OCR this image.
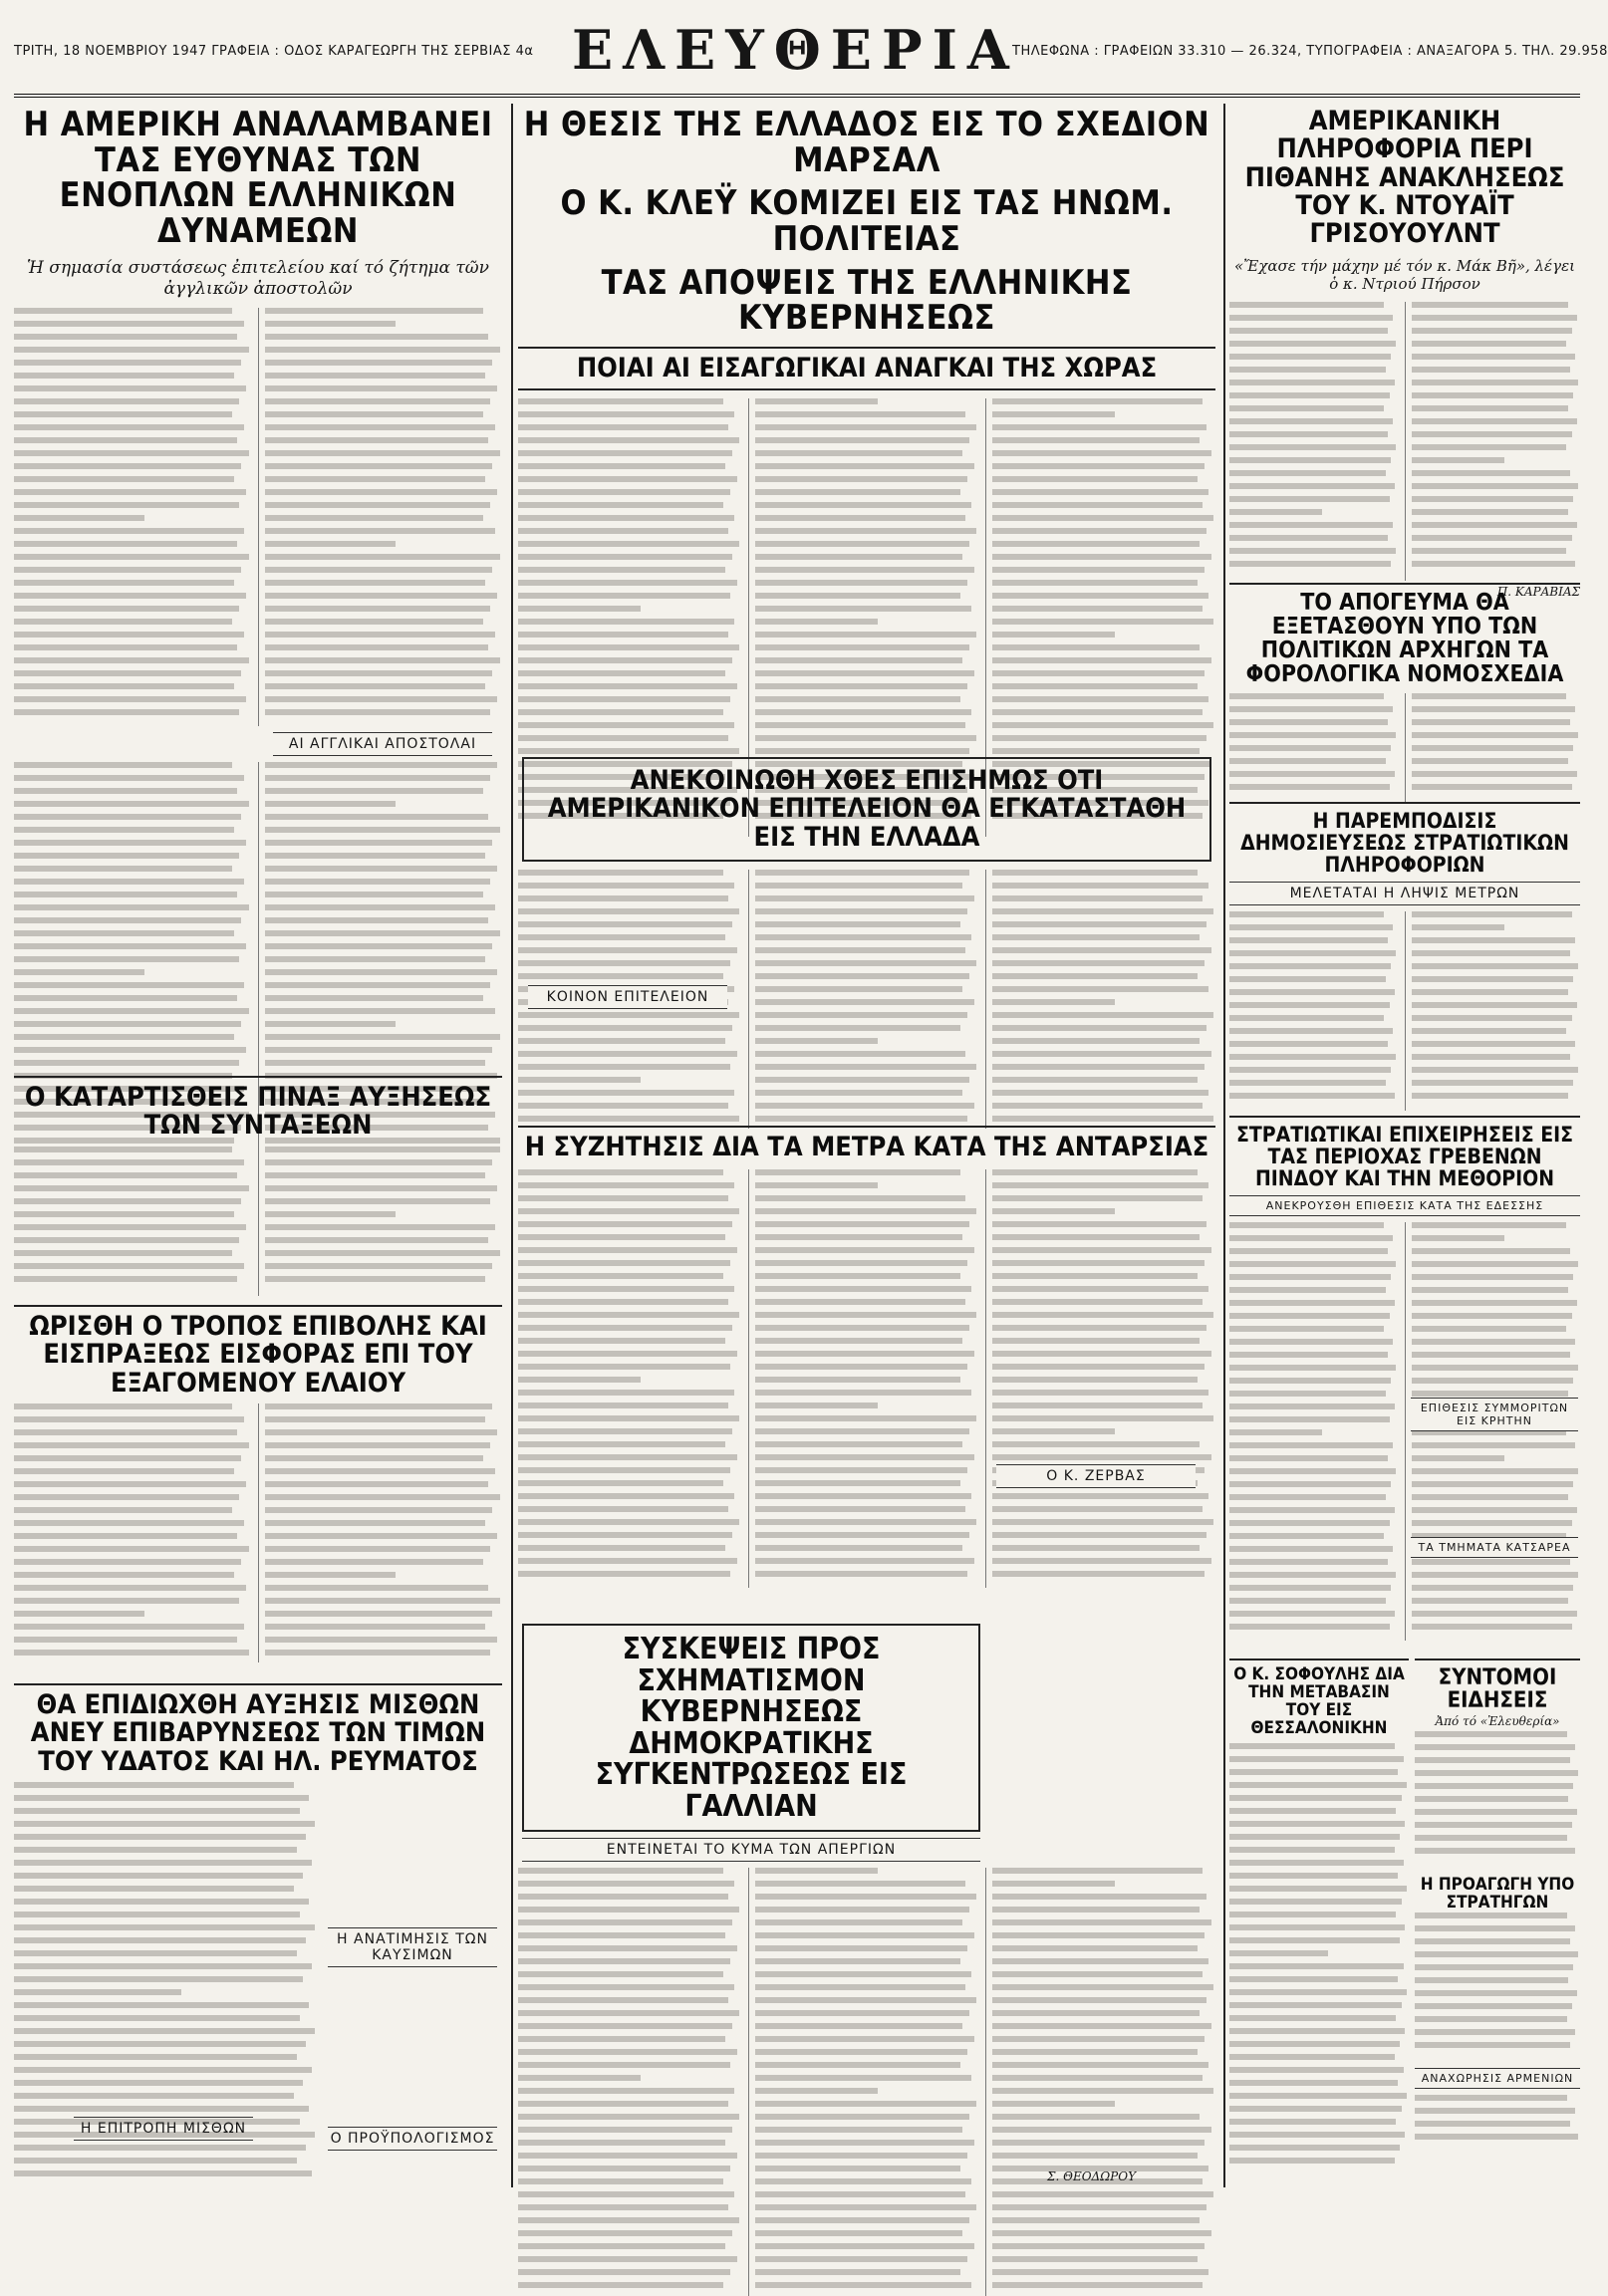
ΤΡΙΤΗ, 18 ΝΟΕΜΒΡΙΟΥ 1947 ΓΡΑΦΕΙΑ : ΟΔΟΣ ΚΑΡΑΓΕΩΡΓΗ ΤΗΣ ΣΕΡΒΙΑΣ 4α ΕΛΕΥΘΕΡΙΑ
ΤΗΛΕΦΩΝΑ : ΓΡΑΦΕΙΩΝ 33.310 — 26.324, ΤΥΠΟΓΡΑΦΕΙΑ : ΑΝΑΞΑΓΟΡΑ 5. ΤΗΛ. 29.958
Η ΑΜΕΡΙΚΗ ΑΝΑΛΑΜΒΑΝΕΙ ΤΑΣ ΕΥΘΥΝΑΣ ΤΩΝ ΕΝΟΠΛΩΝ ΕΛΛΗΝΙΚΩΝ ΔΥΝΑΜΕΩΝ
Ἡ σημασία συστάσεως ἐπιτελείου καί τό ζήτημα τῶν ἀγγλικῶν ἀποστολῶν
ΑΙ ΑΓΓΛΙΚΑΙ ΑΠΟΣΤΟΛΑΙ
Ο ΚΑΤΑΡΤΙΣΘΕΙΣ ΠΙΝΑΞ ΑΥΞΗΣΕΩΣ ΤΩΝ ΣΥΝΤΑΞΕΩΝ
ΩΡΙΣΘΗ Ο ΤΡΟΠΟΣ ΕΠΙΒΟΛΗΣ ΚΑΙ ΕΙΣΠΡΑΞΕΩΣ ΕΙΣΦΟΡΑΣ ΕΠΙ ΤΟΥ ΕΞΑΓΟΜΕΝΟΥ ΕΛΑΙΟΥ
ΘΑ ΕΠΙΔΙΩΧΘΗ ΑΥΞΗΣΙΣ ΜΙΣΘΩΝ ΑΝΕΥ ΕΠΙΒΑΡΥΝΣΕΩΣ ΤΩΝ ΤΙΜΩΝ ΤΟΥ ΥΔΑΤΟΣ ΚΑΙ ΗΛ. ΡΕΥΜΑΤΟΣ
Η ΕΠΙΤΡΟΠΗ ΜΙΣΘΩΝ
Η ΑΝΑΤΙΜΗΣΙΣ ΤΩΝ ΚΑΥΣΙΜΩΝ
Ο ΠΡΟΫΠΟΛΟΓΙΣΜΟΣ
Η ΘΕΣΙΣ ΤΗΣ ΕΛΛΑΔΟΣ ΕΙΣ ΤΟ ΣΧΕΔΙΟΝ ΜΑΡΣΑΛ
Ο Κ. ΚΛΕΫ ΚΟΜΙΖΕΙ ΕΙΣ ΤΑΣ ΗΝΩΜ. ΠΟΛΙΤΕΙΑΣ
ΤΑΣ ΑΠΟΨΕΙΣ ΤΗΣ ΕΛΛΗΝΙΚΗΣ ΚΥΒΕΡΝΗΣΕΩΣ
ΠΟΙΑΙ ΑΙ ΕΙΣΑΓΩΓΙΚΑΙ ΑΝΑΓΚΑΙ ΤΗΣ ΧΩΡΑΣ
ΑΝΕΚΟΙΝΩΘΗ ΧΘΕΣ ΕΠΙΣΗΜΩΣ ΟΤΙ ΑΜΕΡΙΚΑΝΙΚΟΝ ΕΠΙΤΕΛΕΙΟΝ ΘΑ ΕΓΚΑΤΑΣΤΑΘΗ ΕΙΣ ΤΗΝ ΕΛΛΑΔΑ
ΚΟΙΝΟΝ ΕΠΙΤΕΛΕΙΟΝ
Η ΣΥΖΗΤΗΣΙΣ ΔΙΑ ΤΑ ΜΕΤΡΑ ΚΑΤΑ ΤΗΣ ΑΝΤΑΡΣΙΑΣ
Ο Κ. ΖΕΡΒΑΣ
ΣΥΣΚΕΨΕΙΣ ΠΡΟΣ ΣΧΗΜΑΤΙΣΜΟΝ ΚΥΒΕΡΝΗΣΕΩΣ ΔΗΜΟΚΡΑΤΙΚΗΣ ΣΥΓΚΕΝΤΡΩΣΕΩΣ ΕΙΣ ΓΑΛΛΙΑΝ
ΕΝΤΕΙΝΕΤΑΙ ΤΟ ΚΥΜΑ ΤΩΝ ΑΠΕΡΓΙΩΝ
Σ. ΘΕΟΔΩΡΟΥ
ΑΜΕΡΙΚΑΝΙΚΗ ΠΛΗΡΟΦΟΡΙΑ ΠΕΡΙ ΠΙΘΑΝΗΣ ΑΝΑΚΛΗΣΕΩΣ ΤΟΥ Κ. ΝΤΟΥΑΪΤ ΓΡΙΣΟΥΟΥΛΝΤ
«Ἔχασε τήν μάχην μέ τόν κ. Μάκ Βῆ», λέγει ὁ κ. Ντριού Πήρσον
Π. ΚΑΡΑΒΙΑΣ
ΤΟ ΑΠΟΓΕΥΜΑ ΘΑ ΕΞΕΤΑΣΘΟΥΝ ΥΠΟ ΤΩΝ ΠΟΛΙΤΙΚΩΝ ΑΡΧΗΓΩΝ ΤΑ ΦΟΡΟΛΟΓΙΚΑ ΝΟΜΟΣΧΕΔΙΑ
Η ΠΑΡΕΜΠΟΔΙΣΙΣ ΔΗΜΟΣΙΕΥΣΕΩΣ ΣΤΡΑΤΙΩΤΙΚΩΝ ΠΛΗΡΟΦΟΡΙΩΝ
ΜΕΛΕΤΑΤΑΙ Η ΛΗΨΙΣ ΜΕΤΡΩΝ
ΣΤΡΑΤΙΩΤΙΚΑΙ ΕΠΙΧΕΙΡΗΣΕΙΣ ΕΙΣ ΤΑΣ ΠΕΡΙΟΧΑΣ ΓΡΕΒΕΝΩΝ ΠΙΝΔΟΥ ΚΑΙ ΤΗΝ ΜΕΘΟΡΙΟΝ
ΑΝΕΚΡΟΥΣΘΗ ΕΠΙΘΕΣΙΣ ΚΑΤΑ ΤΗΣ ΕΔΕΣΣΗΣ
ΕΠΙΘΕΣΙΣ ΣΥΜΜΟΡΙΤΩΝ ΕΙΣ ΚΡΗΤΗΝ
ΤΑ ΤΜΗΜΑΤΑ ΚΑΤΣΑΡΕΑ
Ο Κ. ΣΟΦΟΥΛΗΣ ΔΙΑ ΤΗΝ ΜΕΤΑΒΑΣΙΝ ΤΟΥ ΕΙΣ ΘΕΣΣΑΛΟΝΙΚΗΝ
ΣΥΝΤΟΜΟΙ ΕΙΔΗΣΕΙΣ
Ἀπό τό «Ἐλευθερία»
Η ΠΡΟΑΓΩΓΗ ΥΠΟ ΣΤΡΑΤΗΓΩΝ
ΑΝΑΧΩΡΗΣΙΣ ΑΡΜΕΝΙΩΝ
